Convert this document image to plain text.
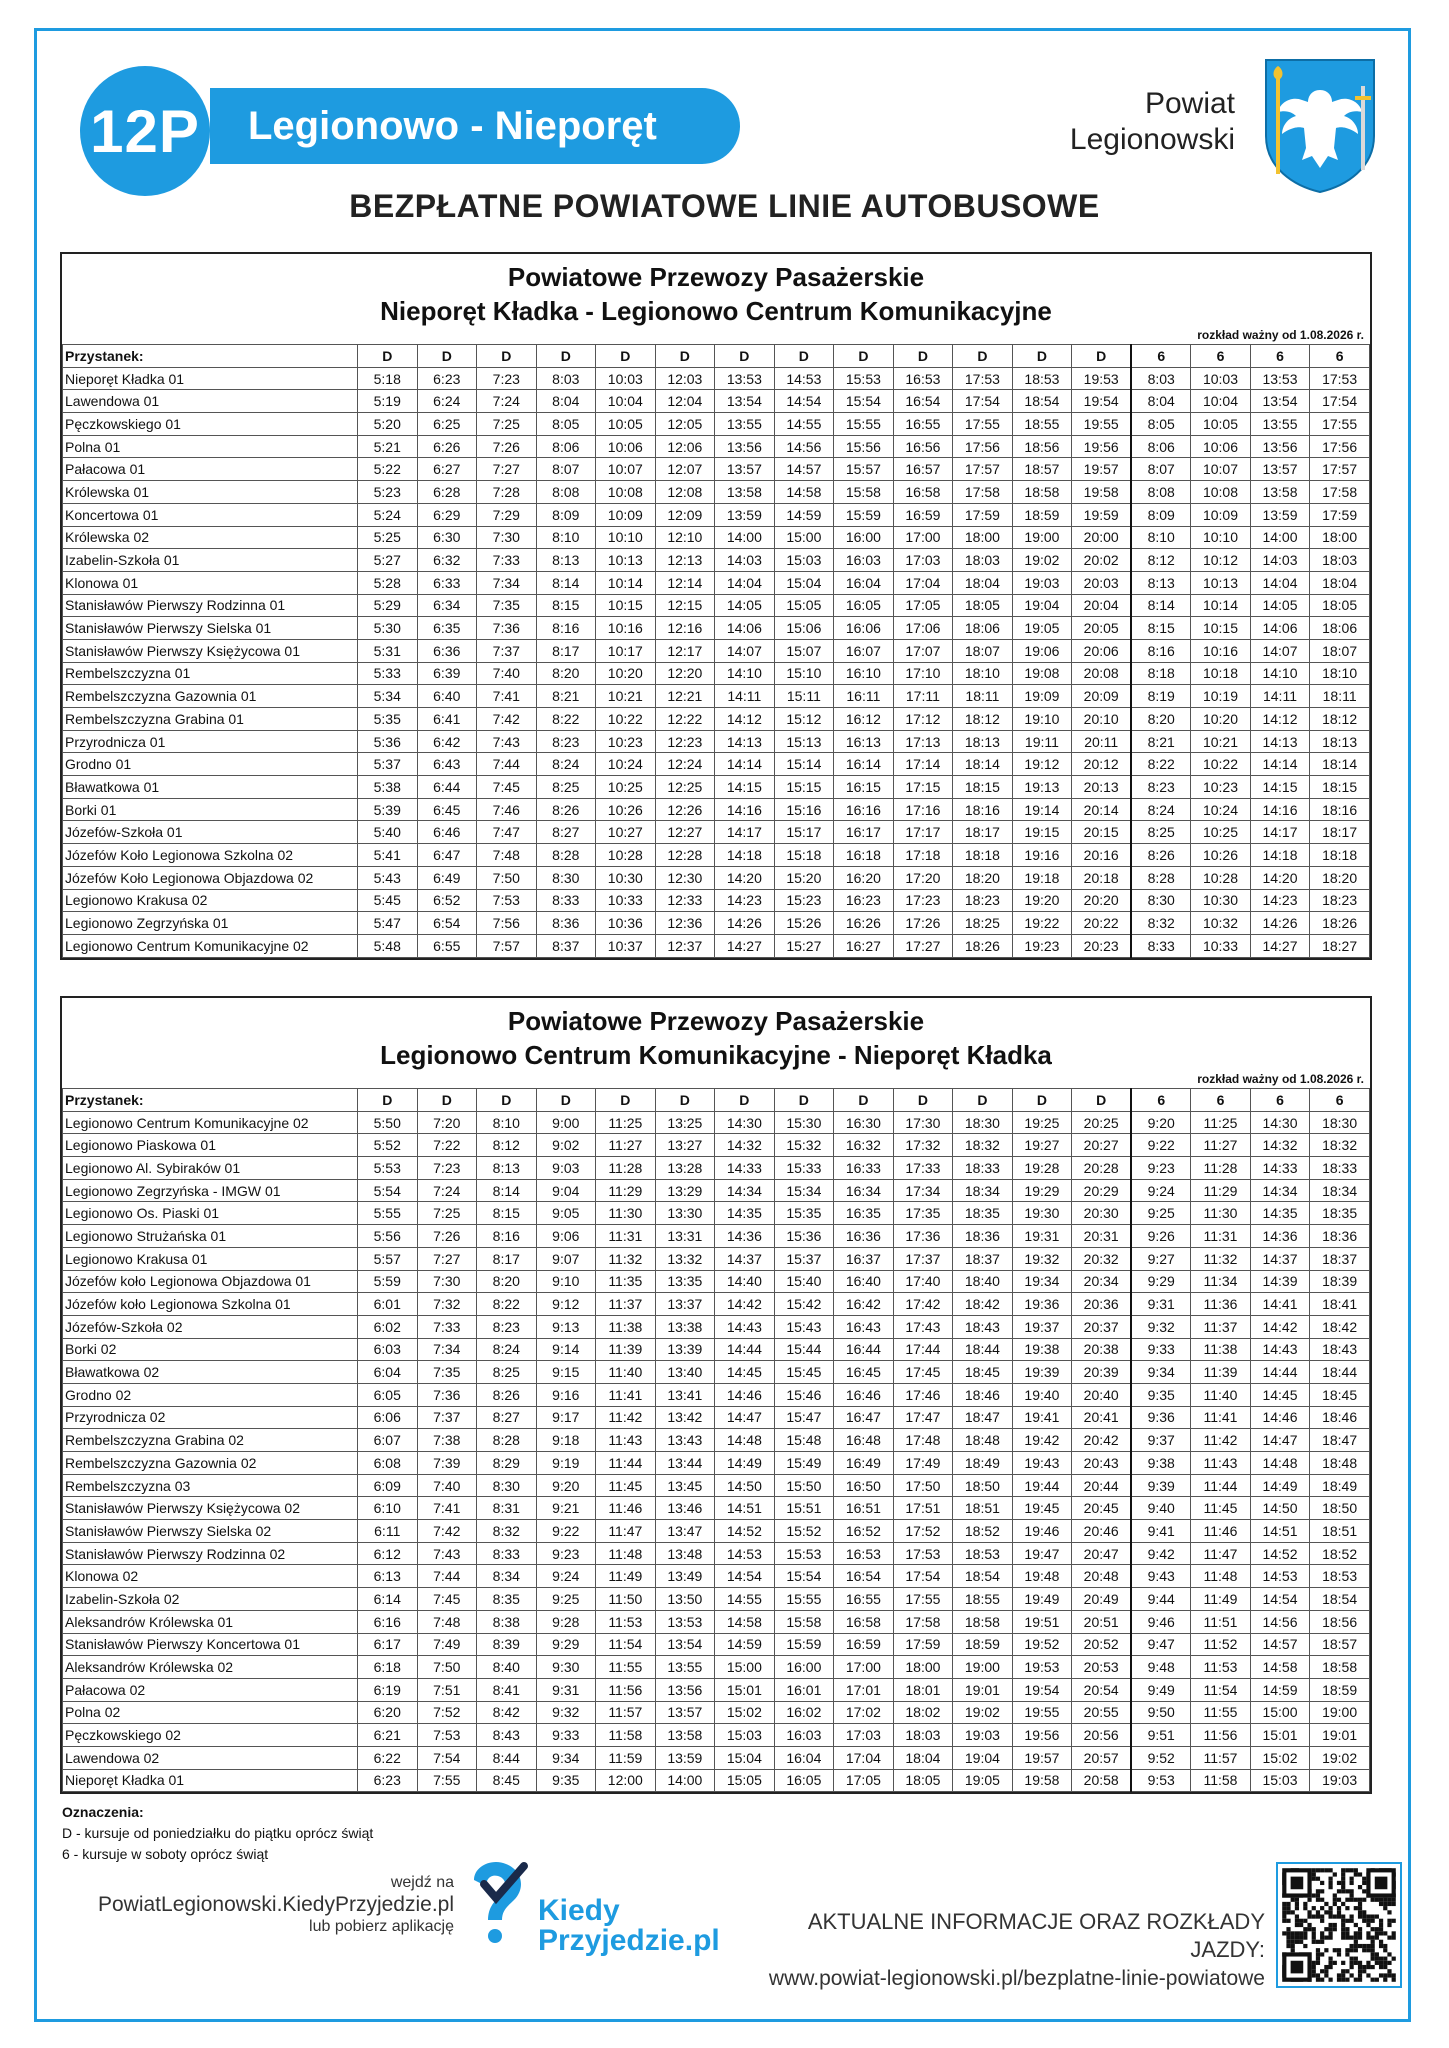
12P	Legionowo - Nieporęt	Powiat
Legionowski
BEZPŁATNE POWIATOWE LINIE AUTOBUSOWE
Powiatowe Przewozy Pasażerskie
Nieporęt Kładka - Legionowo Centrum Komunikacyjne
rozkład ważny od 1.08.2026 r.
Przystanek:	D	D	D	D	D	D	D	D	D	D	D	D	D	6	6	6	6
Nieporęt Kładka 01	5:18	6:23	7:23	8:03	10:03	12:03	13:53	14:53	15:53	16:53	17:53	18:53	19:53	8:03	10:03	13:53	17:53
Lawendowa 01	5:19	6:24	7:24	8:04	10:04	12:04	13:54	14:54	15:54	16:54	17:54	18:54	19:54	8:04	10:04	13:54	17:54
Pęczkowskiego 01	5:20	6:25	7:25	8:05	10:05	12:05	13:55	14:55	15:55	16:55	17:55	18:55	19:55	8:05	10:05	13:55	17:55
Polna 01	5:21	6:26	7:26	8:06	10:06	12:06	13:56	14:56	15:56	16:56	17:56	18:56	19:56	8:06	10:06	13:56	17:56
Pałacowa 01	5:22	6:27	7:27	8:07	10:07	12:07	13:57	14:57	15:57	16:57	17:57	18:57	19:57	8:07	10:07	13:57	17:57
Królewska 01	5:23	6:28	7:28	8:08	10:08	12:08	13:58	14:58	15:58	16:58	17:58	18:58	19:58	8:08	10:08	13:58	17:58
Koncertowa 01	5:24	6:29	7:29	8:09	10:09	12:09	13:59	14:59	15:59	16:59	17:59	18:59	19:59	8:09	10:09	13:59	17:59
Królewska 02	5:25	6:30	7:30	8:10	10:10	12:10	14:00	15:00	16:00	17:00	18:00	19:00	20:00	8:10	10:10	14:00	18:00
Izabelin-Szkoła 01	5:27	6:32	7:33	8:13	10:13	12:13	14:03	15:03	16:03	17:03	18:03	19:02	20:02	8:12	10:12	14:03	18:03
Klonowa 01	5:28	6:33	7:34	8:14	10:14	12:14	14:04	15:04	16:04	17:04	18:04	19:03	20:03	8:13	10:13	14:04	18:04
Stanisławów Pierwszy Rodzinna 01	5:29	6:34	7:35	8:15	10:15	12:15	14:05	15:05	16:05	17:05	18:05	19:04	20:04	8:14	10:14	14:05	18:05
Stanisławów Pierwszy Sielska 01	5:30	6:35	7:36	8:16	10:16	12:16	14:06	15:06	16:06	17:06	18:06	19:05	20:05	8:15	10:15	14:06	18:06
Stanisławów Pierwszy Księżycowa 01	5:31	6:36	7:37	8:17	10:17	12:17	14:07	15:07	16:07	17:07	18:07	19:06	20:06	8:16	10:16	14:07	18:07
Rembelszczyzna 01	5:33	6:39	7:40	8:20	10:20	12:20	14:10	15:10	16:10	17:10	18:10	19:08	20:08	8:18	10:18	14:10	18:10
Rembelszczyzna Gazownia 01	5:34	6:40	7:41	8:21	10:21	12:21	14:11	15:11	16:11	17:11	18:11	19:09	20:09	8:19	10:19	14:11	18:11
Rembelszczyzna Grabina 01	5:35	6:41	7:42	8:22	10:22	12:22	14:12	15:12	16:12	17:12	18:12	19:10	20:10	8:20	10:20	14:12	18:12
Przyrodnicza 01	5:36	6:42	7:43	8:23	10:23	12:23	14:13	15:13	16:13	17:13	18:13	19:11	20:11	8:21	10:21	14:13	18:13
Grodno 01	5:37	6:43	7:44	8:24	10:24	12:24	14:14	15:14	16:14	17:14	18:14	19:12	20:12	8:22	10:22	14:14	18:14
Bławatkowa 01	5:38	6:44	7:45	8:25	10:25	12:25	14:15	15:15	16:15	17:15	18:15	19:13	20:13	8:23	10:23	14:15	18:15
Borki 01	5:39	6:45	7:46	8:26	10:26	12:26	14:16	15:16	16:16	17:16	18:16	19:14	20:14	8:24	10:24	14:16	18:16
Józefów-Szkoła 01	5:40	6:46	7:47	8:27	10:27	12:27	14:17	15:17	16:17	17:17	18:17	19:15	20:15	8:25	10:25	14:17	18:17
Józefów Koło Legionowa Szkolna 02	5:41	6:47	7:48	8:28	10:28	12:28	14:18	15:18	16:18	17:18	18:18	19:16	20:16	8:26	10:26	14:18	18:18
Józefów Koło Legionowa Objazdowa 02	5:43	6:49	7:50	8:30	10:30	12:30	14:20	15:20	16:20	17:20	18:20	19:18	20:18	8:28	10:28	14:20	18:20
Legionowo Krakusa 02	5:45	6:52	7:53	8:33	10:33	12:33	14:23	15:23	16:23	17:23	18:23	19:20	20:20	8:30	10:30	14:23	18:23
Legionowo Zegrzyńska 01	5:47	6:54	7:56	8:36	10:36	12:36	14:26	15:26	16:26	17:26	18:25	19:22	20:22	8:32	10:32	14:26	18:26
Legionowo Centrum Komunikacyjne 02	5:48	6:55	7:57	8:37	10:37	12:37	14:27	15:27	16:27	17:27	18:26	19:23	20:23	8:33	10:33	14:27	18:27
Powiatowe Przewozy Pasażerskie
Legionowo Centrum Komunikacyjne - Nieporęt Kładka
rozkład ważny od 1.08.2026 r.
Przystanek:	D	D	D	D	D	D	D	D	D	D	D	D	D	6	6	6	6
Legionowo Centrum Komunikacyjne 02	5:50	7:20	8:10	9:00	11:25	13:25	14:30	15:30	16:30	17:30	18:30	19:25	20:25	9:20	11:25	14:30	18:30
Legionowo Piaskowa 01	5:52	7:22	8:12	9:02	11:27	13:27	14:32	15:32	16:32	17:32	18:32	19:27	20:27	9:22	11:27	14:32	18:32
Legionowo Al. Sybiraków 01	5:53	7:23	8:13	9:03	11:28	13:28	14:33	15:33	16:33	17:33	18:33	19:28	20:28	9:23	11:28	14:33	18:33
Legionowo Zegrzyńska - IMGW 01	5:54	7:24	8:14	9:04	11:29	13:29	14:34	15:34	16:34	17:34	18:34	19:29	20:29	9:24	11:29	14:34	18:34
Legionowo Os. Piaski 01	5:55	7:25	8:15	9:05	11:30	13:30	14:35	15:35	16:35	17:35	18:35	19:30	20:30	9:25	11:30	14:35	18:35
Legionowo Strużańska 01	5:56	7:26	8:16	9:06	11:31	13:31	14:36	15:36	16:36	17:36	18:36	19:31	20:31	9:26	11:31	14:36	18:36
Legionowo Krakusa 01	5:57	7:27	8:17	9:07	11:32	13:32	14:37	15:37	16:37	17:37	18:37	19:32	20:32	9:27	11:32	14:37	18:37
Józefów koło Legionowa Objazdowa 01	5:59	7:30	8:20	9:10	11:35	13:35	14:40	15:40	16:40	17:40	18:40	19:34	20:34	9:29	11:34	14:39	18:39
Józefów koło Legionowa Szkolna 01	6:01	7:32	8:22	9:12	11:37	13:37	14:42	15:42	16:42	17:42	18:42	19:36	20:36	9:31	11:36	14:41	18:41
Józefów-Szkoła 02	6:02	7:33	8:23	9:13	11:38	13:38	14:43	15:43	16:43	17:43	18:43	19:37	20:37	9:32	11:37	14:42	18:42
Borki 02	6:03	7:34	8:24	9:14	11:39	13:39	14:44	15:44	16:44	17:44	18:44	19:38	20:38	9:33	11:38	14:43	18:43
Bławatkowa 02	6:04	7:35	8:25	9:15	11:40	13:40	14:45	15:45	16:45	17:45	18:45	19:39	20:39	9:34	11:39	14:44	18:44
Grodno 02	6:05	7:36	8:26	9:16	11:41	13:41	14:46	15:46	16:46	17:46	18:46	19:40	20:40	9:35	11:40	14:45	18:45
Przyrodnicza 02	6:06	7:37	8:27	9:17	11:42	13:42	14:47	15:47	16:47	17:47	18:47	19:41	20:41	9:36	11:41	14:46	18:46
Rembelszczyzna Grabina 02	6:07	7:38	8:28	9:18	11:43	13:43	14:48	15:48	16:48	17:48	18:48	19:42	20:42	9:37	11:42	14:47	18:47
Rembelszczyzna Gazownia 02	6:08	7:39	8:29	9:19	11:44	13:44	14:49	15:49	16:49	17:49	18:49	19:43	20:43	9:38	11:43	14:48	18:48
Rembelszczyzna 03	6:09	7:40	8:30	9:20	11:45	13:45	14:50	15:50	16:50	17:50	18:50	19:44	20:44	9:39	11:44	14:49	18:49
Stanisławów Pierwszy Księżycowa 02	6:10	7:41	8:31	9:21	11:46	13:46	14:51	15:51	16:51	17:51	18:51	19:45	20:45	9:40	11:45	14:50	18:50
Stanisławów Pierwszy Sielska 02	6:11	7:42	8:32	9:22	11:47	13:47	14:52	15:52	16:52	17:52	18:52	19:46	20:46	9:41	11:46	14:51	18:51
Stanisławów Pierwszy Rodzinna 02	6:12	7:43	8:33	9:23	11:48	13:48	14:53	15:53	16:53	17:53	18:53	19:47	20:47	9:42	11:47	14:52	18:52
Klonowa 02	6:13	7:44	8:34	9:24	11:49	13:49	14:54	15:54	16:54	17:54	18:54	19:48	20:48	9:43	11:48	14:53	18:53
Izabelin-Szkoła 02	6:14	7:45	8:35	9:25	11:50	13:50	14:55	15:55	16:55	17:55	18:55	19:49	20:49	9:44	11:49	14:54	18:54
Aleksandrów Królewska 01	6:16	7:48	8:38	9:28	11:53	13:53	14:58	15:58	16:58	17:58	18:58	19:51	20:51	9:46	11:51	14:56	18:56
Stanisławów Pierwszy Koncertowa 01	6:17	7:49	8:39	9:29	11:54	13:54	14:59	15:59	16:59	17:59	18:59	19:52	20:52	9:47	11:52	14:57	18:57
Aleksandrów Królewska 02	6:18	7:50	8:40	9:30	11:55	13:55	15:00	16:00	17:00	18:00	19:00	19:53	20:53	9:48	11:53	14:58	18:58
Pałacowa 02	6:19	7:51	8:41	9:31	11:56	13:56	15:01	16:01	17:01	18:01	19:01	19:54	20:54	9:49	11:54	14:59	18:59
Polna 02	6:20	7:52	8:42	9:32	11:57	13:57	15:02	16:02	17:02	18:02	19:02	19:55	20:55	9:50	11:55	15:00	19:00
Pęczkowskiego 02	6:21	7:53	8:43	9:33	11:58	13:58	15:03	16:03	17:03	18:03	19:03	19:56	20:56	9:51	11:56	15:01	19:01
Lawendowa 02	6:22	7:54	8:44	9:34	11:59	13:59	15:04	16:04	17:04	18:04	19:04	19:57	20:57	9:52	11:57	15:02	19:02
Nieporęt Kładka 01	6:23	7:55	8:45	9:35	12:00	14:00	15:05	16:05	17:05	18:05	19:05	19:58	20:58	9:53	11:58	15:03	19:03
Oznaczenia:
D - kursuje od poniedziałku do piątku oprócz świąt
6 - kursuje w soboty oprócz świąt
wejdź na
PowiatLegionowski.KiedyPrzyjedzie.pl
lub pobierz aplikację	Kiedy
Przyjedzie.pl
AKTUALNE INFORMACJE ORAZ ROZKŁADY JAZDY:
www.powiat-legionowski.pl/bezplatne-linie-powiatowe
